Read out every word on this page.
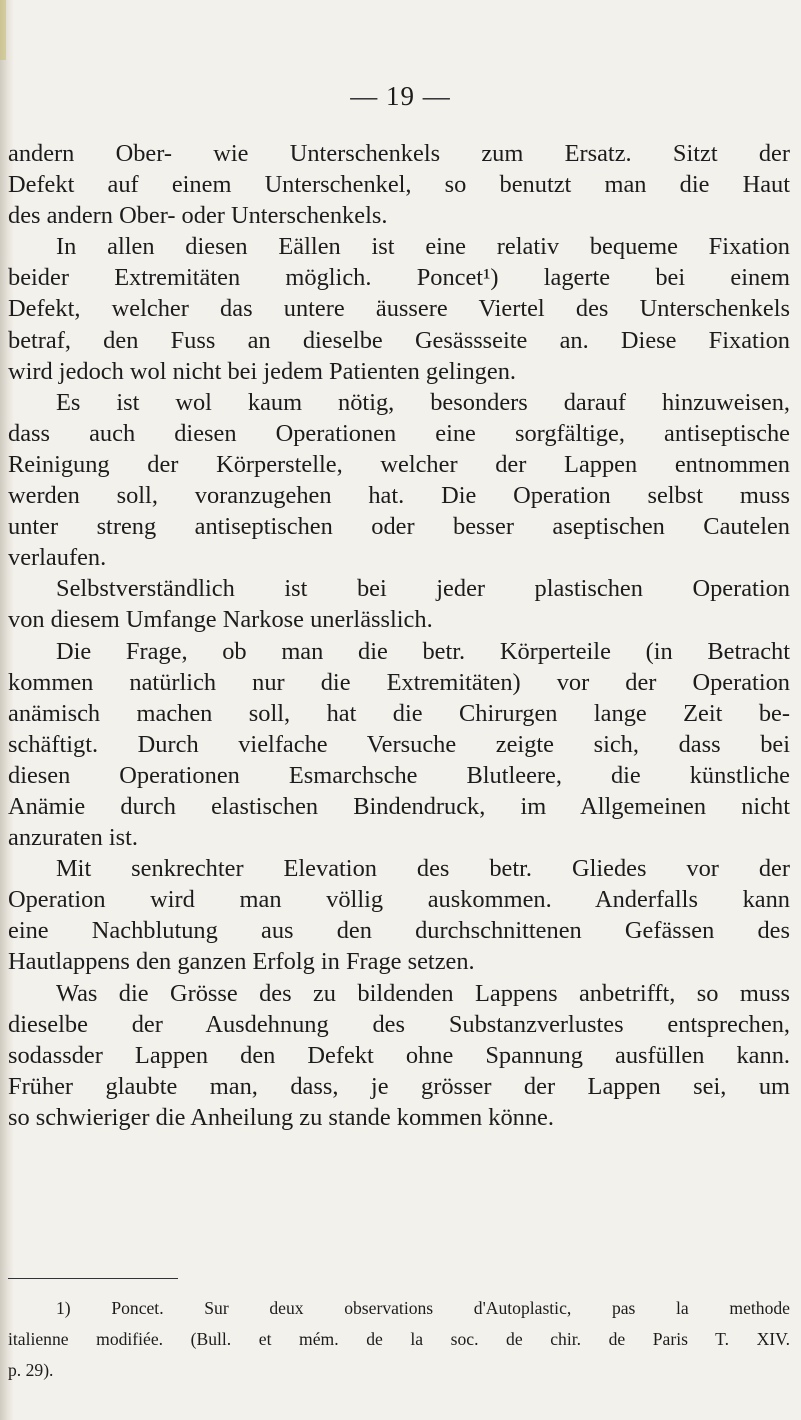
— 19 —
andern Ober- wie Unterschenkels zum Ersatz. Sitzt der
Defekt auf einem Unterschenkel, so benutzt man die Haut
des andern Ober- oder Unterschenkels.
In allen diesen Eällen ist eine relativ bequeme Fixation
beider Extremitäten möglich. Poncet¹) lagerte bei einem
Defekt, welcher das untere äussere Viertel des Unterschenkels
betraf, den Fuss an dieselbe Gesässseite an. Diese Fixation
wird jedoch wol nicht bei jedem Patienten gelingen.
Es ist wol kaum nötig, besonders darauf hinzuweisen,
dass auch diesen Operationen eine sorgfältige, antiseptische
Reinigung der Körperstelle, welcher der Lappen entnommen
werden soll, voranzugehen hat. Die Operation selbst muss
unter streng antiseptischen oder besser aseptischen Cautelen
verlaufen.
Selbstverständlich ist bei jeder plastischen Operation
von diesem Umfange Narkose unerlässlich.
Die Frage, ob man die betr. Körperteile (in Betracht
kommen natürlich nur die Extremitäten) vor der Operation
anämisch machen soll, hat die Chirurgen lange Zeit be-
schäftigt. Durch vielfache Versuche zeigte sich, dass bei
diesen Operationen Esmarchsche Blutleere, die künstliche
Anämie durch elastischen Bindendruck, im Allgemeinen nicht
anzuraten ist.
Mit senkrechter Elevation des betr. Gliedes vor der
Operation wird man völlig auskommen. Anderfalls kann
eine Nachblutung aus den durchschnittenen Gefässen des
Hautlappens den ganzen Erfolg in Frage setzen.
Was die Grösse des zu bildenden Lappens anbetrifft, so muss
dieselbe der Ausdehnung des Substanzverlustes entsprechen,
sodassder Lappen den Defekt ohne Spannung ausfüllen kann.
Früher glaubte man, dass, je grösser der Lappen sei, um
so schwieriger die Anheilung zu stande kommen könne.
1) Poncet. Sur deux observations d'Autoplastic, pas la methode
italienne modifiée. (Bull. et mém. de la soc. de chir. de Paris T. XIV.
p. 29).
